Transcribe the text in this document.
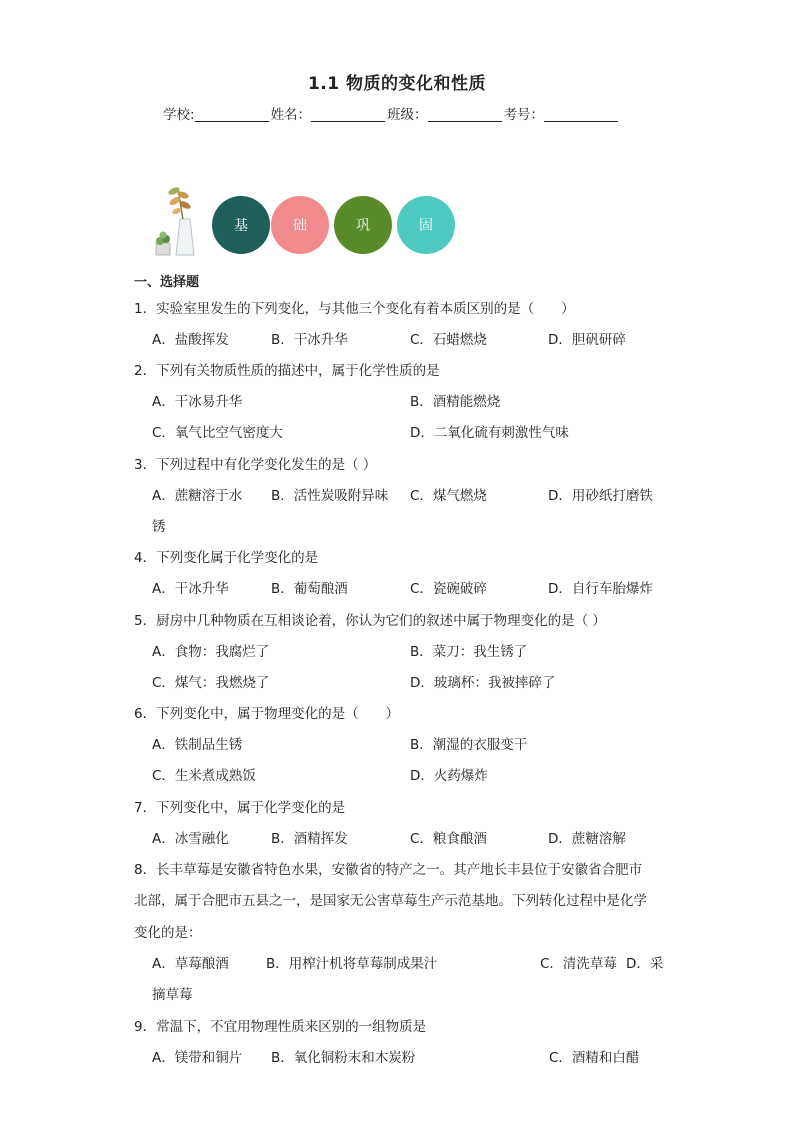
1.1 物质的变化和性质
学校:	姓名：	班级：	考号：
基	础	巩	固
一、选择题
1．实验室里发生的下列变化，与其他三个变化有着本质区别的是（　　）
A．盐酸挥发	B．干冰升华	C．石蜡燃烧	D．胆矾研碎
2．下列有关物质性质的描述中，属于化学性质的是
A．干冰易升华	B．酒精能燃烧
C．氧气比空气密度大	D．二氧化硫有刺激性气味
3．下列过程中有化学变化发生的是（ ）
A．蔗糖溶于水 B．活性炭吸附异味 C．煤气燃烧	D．用砂纸打磨铁
锈
4．下列变化属于化学变化的是
A．干冰升华	B．葡萄酿酒	C．瓷碗破碎	D．自行车胎爆炸
5．厨房中几种物质在互相谈论着，你认为它们的叙述中属于物理变化的是（ ）
A．食物：我腐烂了	B．菜刀：我生锈了
C．煤气：我燃烧了	D．玻璃杯：我被摔碎了
6．下列变化中，属于物理变化的是（　　）
A．铁制品生锈	B．潮湿的衣服变干
C．生米煮成熟饭	D．火药爆炸
7．下列变化中，属于化学变化的是
A．冰雪融化	B．酒精挥发	C．粮食酿酒	D．蔗糖溶解
8．长丰草莓是安徽省特色水果，安徽省的特产之一。其产地长丰县位于安徽省合肥市
北部，属于合肥市五县之一，是国家无公害草莓生产示范基地。下列转化过程中是化学
变化的是：
A．草莓酿酒	B．用榨汁机将草莓制成果汁	C．清洗草莓 D．采
摘草莓
9．常温下，不宜用物理性质来区别的一组物质是
A．镁带和铜片 B．氧化铜粉末和木炭粉	C．酒精和白醋
